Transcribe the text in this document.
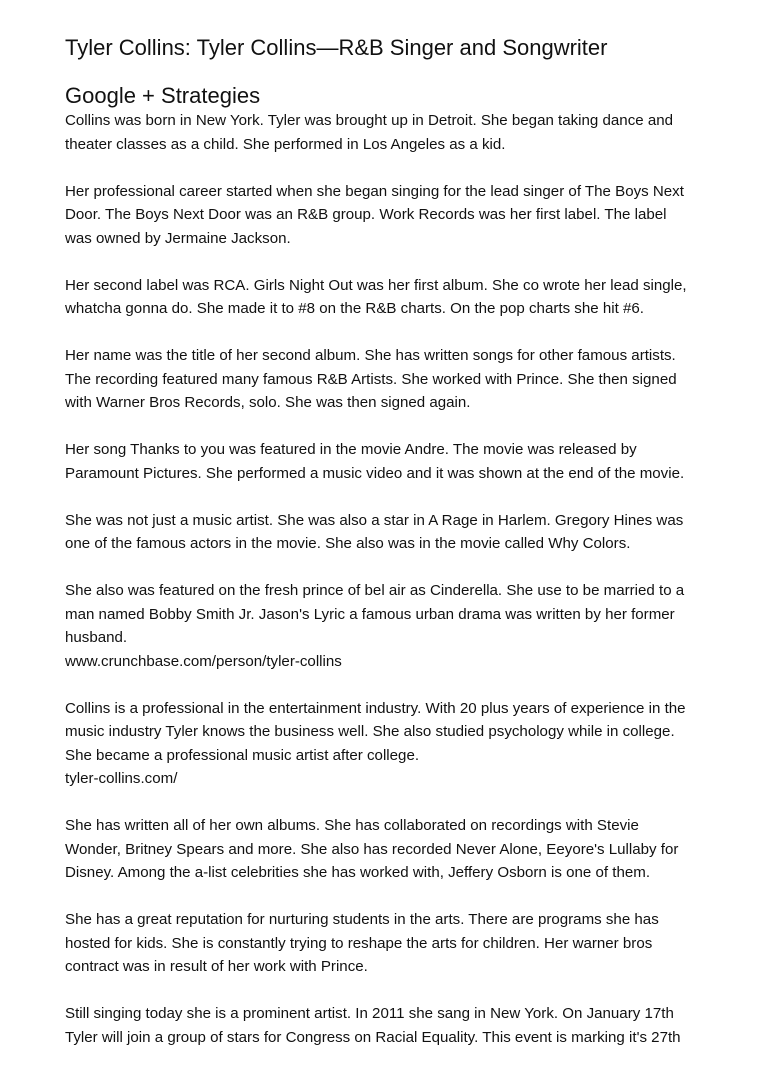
Tyler Collins: Tyler Collins—R&B Singer and Songwriter
Google + Strategies

Collins was born in New York. Tyler was brought up in Detroit. She began taking dance and
theater classes as a child. She performed in Los Angeles as a kid.

Her professional career started when she began singing for the lead singer of The Boys Next
Door. The Boys Next Door was an R&B group. Work Records was her first label. The label
was owned by Jermaine Jackson.

Her second label was RCA. Girls Night Out was her first album. She co wrote her lead single,
whatcha gonna do. She made it to #8 on the R&B charts. On the pop charts she hit #6.

Her name was the title of her second album. She has written songs for other famous artists.
The recording featured many famous R&B Artists. She worked with Prince. She then signed
with Warner Bros Records, solo. She was then signed again.

Her song Thanks to you was featured in the movie Andre. The movie was released by
Paramount Pictures. She performed a music video and it was shown at the end of the movie.

She was not just a music artist. She was also a star in A Rage in Harlem. Gregory Hines was
one of the famous actors in the movie. She also was in the movie called Why Colors.

She also was featured on the fresh prince of bel air as Cinderella. She use to be married to a
man named Bobby Smith Jr. Jason's Lyric a famous urban drama was written by her former
husband.
www.crunchbase.com/person/tyler-collins

Collins is a professional in the entertainment industry. With 20 plus years of experience in the
music industry Tyler knows the business well. She also studied psychology while in college.
She became a professional music artist after college.
tyler-collins.com/

She has written all of her own albums. She has collaborated on recordings with Stevie
Wonder, Britney Spears and more. She also has recorded Never Alone, Eeyore's Lullaby for
Disney. Among the a-list celebrities she has worked with, Jeffery Osborn is one of them.

She has a great reputation for nurturing students in the arts. There are programs she has
hosted for kids. She is constantly trying to reshape the arts for children. Her warner bros
contract was in result of her work with Prince.

Still singing today she is a prominent artist. In 2011 she sang in New York. On January 17th
Tyler will join a group of stars for Congress on Racial Equality. This event is marking it's 27th
